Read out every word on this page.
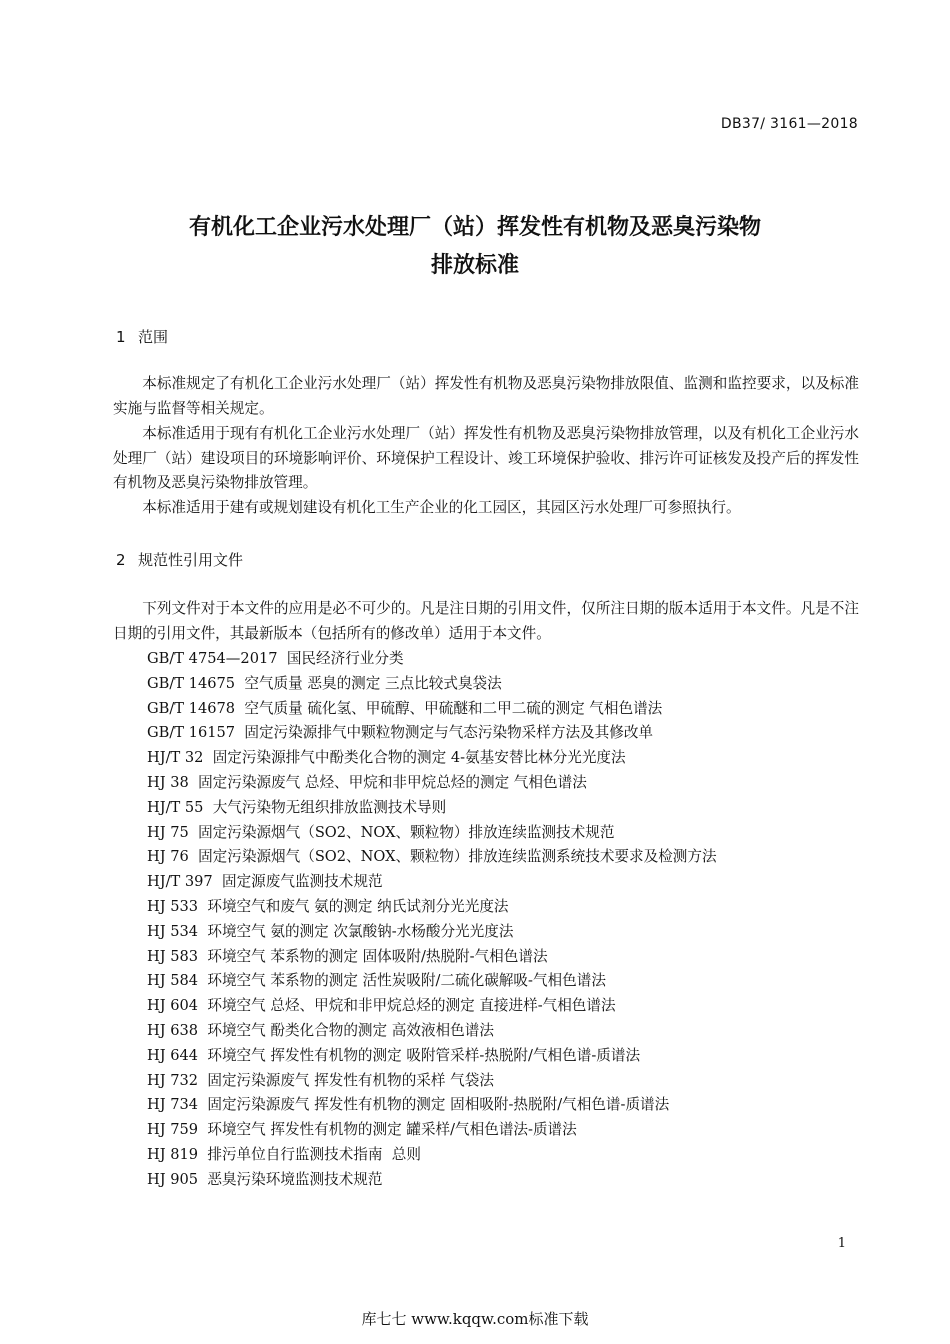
DB37/ 3161—2018
有机化工企业污水处理厂（站）挥发性有机物及恶臭污染物
排放标准
1 范围

本标准规定了有机化工企业污水处理厂（站）挥发性有机物及恶臭污染物排放限值、监测和监控要求，以及标准实施与监督等相关规定。

本标准适用于现有有机化工企业污水处理厂（站）挥发性有机物及恶臭污染物排放管理，以及有机化工企业污水处理厂（站）建设项目的环境影响评价、环境保护工程设计、竣工环境保护验收、排污许可证核发及投产后的挥发性有机物及恶臭污染物排放管理。

本标准适用于建有或规划建设有机化工生产企业的化工园区，其园区污水处理厂可参照执行。

2 规范性引用文件

下列文件对于本文件的应用是必不可少的。凡是注日期的引用文件，仅所注日期的版本适用于本文件。凡是不注日期的引用文件，其最新版本（包括所有的修改单）适用于本文件。

GB/T 4754—2017  国民经济行业分类
GB/T 14675  空气质量 恶臭的测定 三点比较式臭袋法
GB/T 14678  空气质量 硫化氢、甲硫醇、甲硫醚和二甲二硫的测定 气相色谱法
GB/T 16157  固定污染源排气中颗粒物测定与气态污染物采样方法及其修改单
HJ/T 32  固定污染源排气中酚类化合物的测定 4-氨基安替比林分光光度法
HJ 38  固定污染源废气 总烃、甲烷和非甲烷总烃的测定 气相色谱法
HJ/T 55  大气污染物无组织排放监测技术导则
HJ 75  固定污染源烟气（SO2、NOX、颗粒物）排放连续监测技术规范
HJ 76  固定污染源烟气（SO2、NOX、颗粒物）排放连续监测系统技术要求及检测方法
HJ/T 397  固定源废气监测技术规范
HJ 533  环境空气和废气 氨的测定 纳氏试剂分光光度法
HJ 534  环境空气 氨的测定 次氯酸钠-水杨酸分光光度法
HJ 583  环境空气 苯系物的测定 固体吸附/热脱附-气相色谱法
HJ 584  环境空气 苯系物的测定 活性炭吸附/二硫化碳解吸-气相色谱法
HJ 604  环境空气 总烃、甲烷和非甲烷总烃的测定 直接进样-气相色谱法
HJ 638  环境空气 酚类化合物的测定 高效液相色谱法
HJ 644  环境空气 挥发性有机物的测定 吸附管采样-热脱附/气相色谱-质谱法
HJ 732  固定污染源废气 挥发性有机物的采样 气袋法
HJ 734  固定污染源废气 挥发性有机物的测定 固相吸附-热脱附/气相色谱-质谱法
HJ 759  环境空气 挥发性有机物的测定 罐采样/气相色谱法-质谱法
HJ 819  排污单位自行监测技术指南  总则
HJ 905  恶臭污染环境监测技术规范
1
库七七 www.kqqw.com标准下载
